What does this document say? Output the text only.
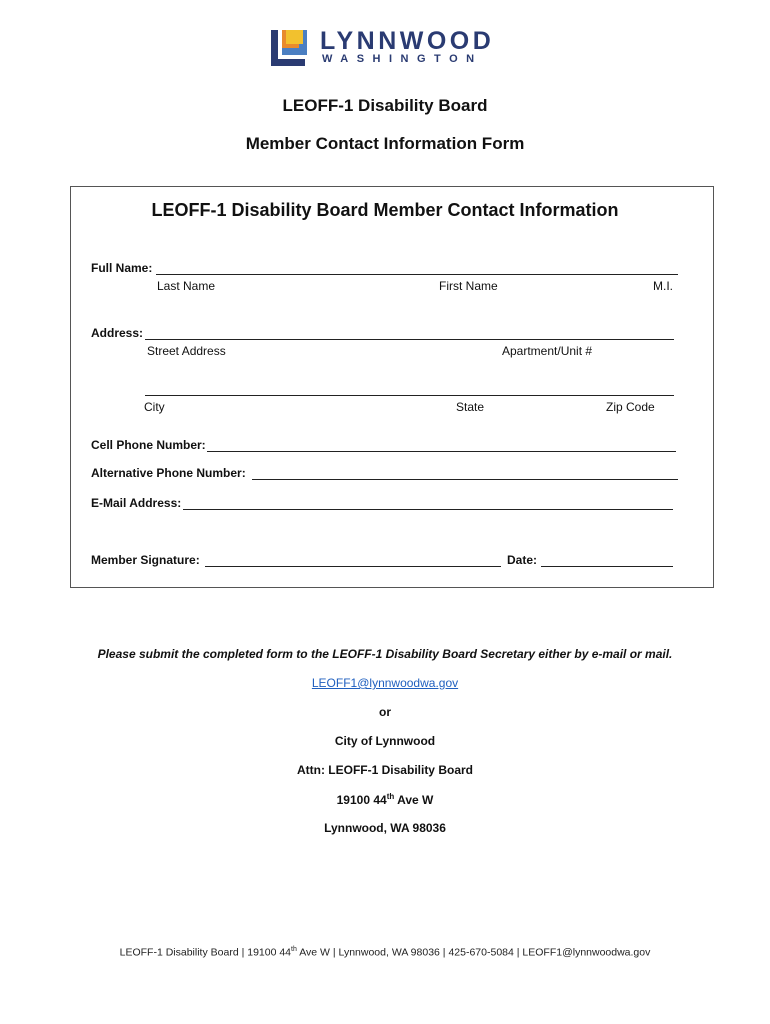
LYNNWOOD
WASHINGTON
LEOFF-1 Disability Board
Member Contact Information Form
LEOFF-1 Disability Board Member Contact Information
Full Name:
Last Name	First Name	M.I.
Address:
Street Address	Apartment/Unit #
City	State	Zip Code
Cell Phone Number:
Alternative Phone Number:
E-Mail Address:
Member Signature:	Date:
Please submit the completed form to the LEOFF-1 Disability Board Secretary either by e-mail or mail.
LEOFF1@lynnwoodwa.gov
or
City of Lynnwood
Attn: LEOFF-1 Disability Board
19100 44th Ave W
Lynnwood, WA 98036
LEOFF-1 Disability Board | 19100 44th Ave W | Lynnwood, WA 98036 | 425-670-5084 | LEOFF1@lynnwoodwa.gov
